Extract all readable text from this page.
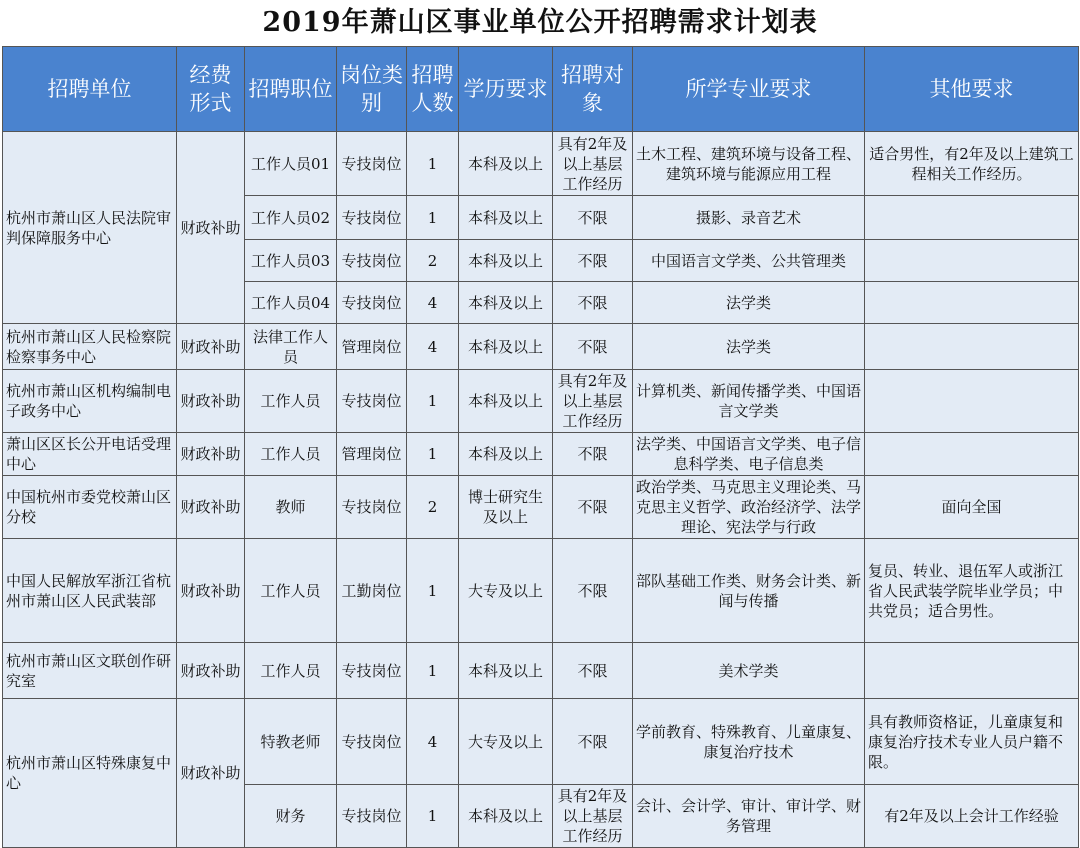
2019年萧山区事业单位公开招聘需求计划表
招聘单位	经费形式	招聘职位	岗位类别	招聘人数	学历要求	招聘对象	所学专业要求	其他要求
杭州市萧山区人民法院审判保障服务中心	财政补助	工作人员01	专技岗位	1	本科及以上	具有2年及以上基层工作经历	土木工程、建筑环境与设备工程、 建筑环境与能源应用工程	适合男性，有2年及以上建筑工程相关工作经历。
		工作人员02	专技岗位	1	本科及以上	不限	摄影、录音艺术	
		工作人员03	专技岗位	2	本科及以上	不限	中国语言文学类、公共管理类	
		工作人员04	专技岗位	4	本科及以上	不限	法学类	
杭州市萧山区人民检察院检察事务中心	财政补助	法律工作人员	管理岗位	4	本科及以上	不限	法学类	
杭州市萧山区机构编制电子政务中心	财政补助	工作人员	专技岗位	1	本科及以上	具有2年及以上基层工作经历	计算机类、新闻传播学类、中国语言文学类	
萧山区区长公开电话受理中心	财政补助	工作人员	管理岗位	1	本科及以上	不限	法学类、中国语言文学类、电子信息科学类、电子信息类	
中国杭州市委党校萧山区分校	财政补助	教师	专技岗位	2	博士研究生及以上	不限	政治学类、马克思主义理论类、马克思主义哲学、政治经济学、法学理论、宪法学与行政	面向全国
中国人民解放军浙江省杭州市萧山区人民武装部	财政补助	工作人员	工勤岗位	1	大专及以上	不限	部队基础工作类、财务会计类、新闻与传播	复员、转业、退伍军人或浙江省人民武装学院毕业学员；中共党员；适合男性。
杭州市萧山区文联创作研究室	财政补助	工作人员	专技岗位	1	本科及以上	不限	美术学类	
杭州市萧山区特殊康复中心	财政补助	特教老师	专技岗位	4	大专及以上	不限	学前教育、特殊教育、儿童康复、康复治疗技术	具有教师资格证，儿童康复和康复治疗技术专业人员户籍不限。
		财务	专技岗位	1	本科及以上	具有2年及以上基层工作经历	会计、会计学、审计、审计学、财务管理	有2年及以上会计工作经验
